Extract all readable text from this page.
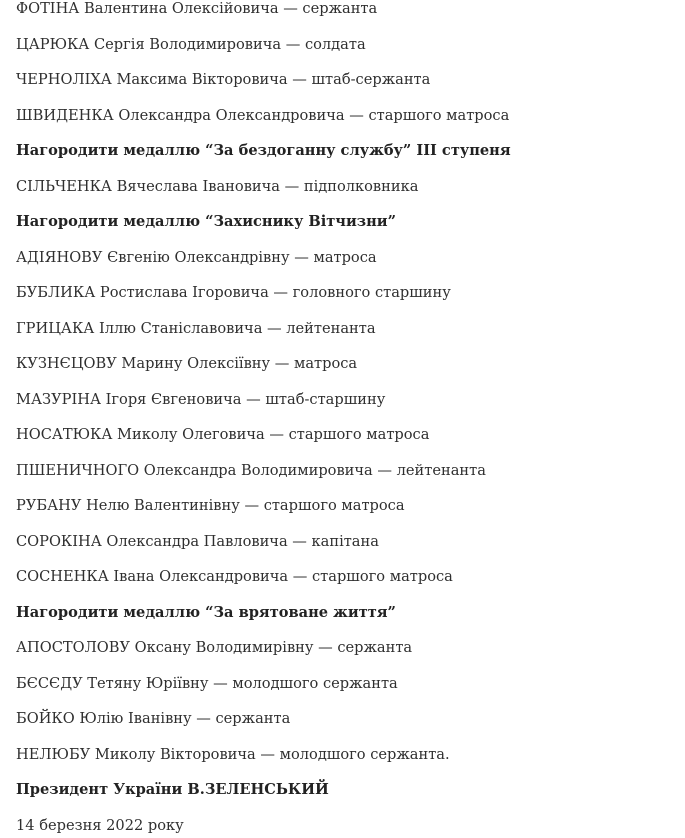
ФОТІНА Валентина Олексійовича — сержанта

ЦАРЮКА Сергія Володимировича — солдата

ЧЕРНОЛІХА Максима Вікторовича — штаб-сержанта

ШВИДЕНКА Олександра Олександровича — старшого матроса

Нагородити медаллю “За бездоганну службу” ІІІ ступеня

СІЛЬЧЕНКА Вячеслава Івановича — підполковника

Нагородити медаллю “Захиснику Вітчизни”

АДІЯНОВУ Євгенію Олександрівну — матроса

БУБЛИКА Ростислава Ігоровича — головного старшину

ГРИЦАКА Іллю Станіславовича — лейтенанта

КУЗНЄЦОВУ Марину Олексіївну — матроса

МАЗУРІНА Ігоря Євгеновича — штаб-старшину

НОСАТЮКА Миколу Олеговича — старшого матроса

ПШЕНИЧНОГО Олександра Володимировича — лейтенанта

РУБАНУ Нелю Валентинівну — старшого матроса

СОРОКІНА Олександра Павловича — капітана

СОСНЕНКА Івана Олександровича — старшого матроса

Нагородити медаллю “За врятоване життя”

АПОСТОЛОВУ Оксану Володимирівну — сержанта

БЄСЄДУ Тетяну Юріївну — молодшого сержанта

БОЙКО Юлію Іванівну — сержанта

НЕЛЮБУ Миколу Вікторовича — молодшого сержанта.

Президент України В.ЗЕЛЕНСЬКИЙ

14 березня 2022 року
